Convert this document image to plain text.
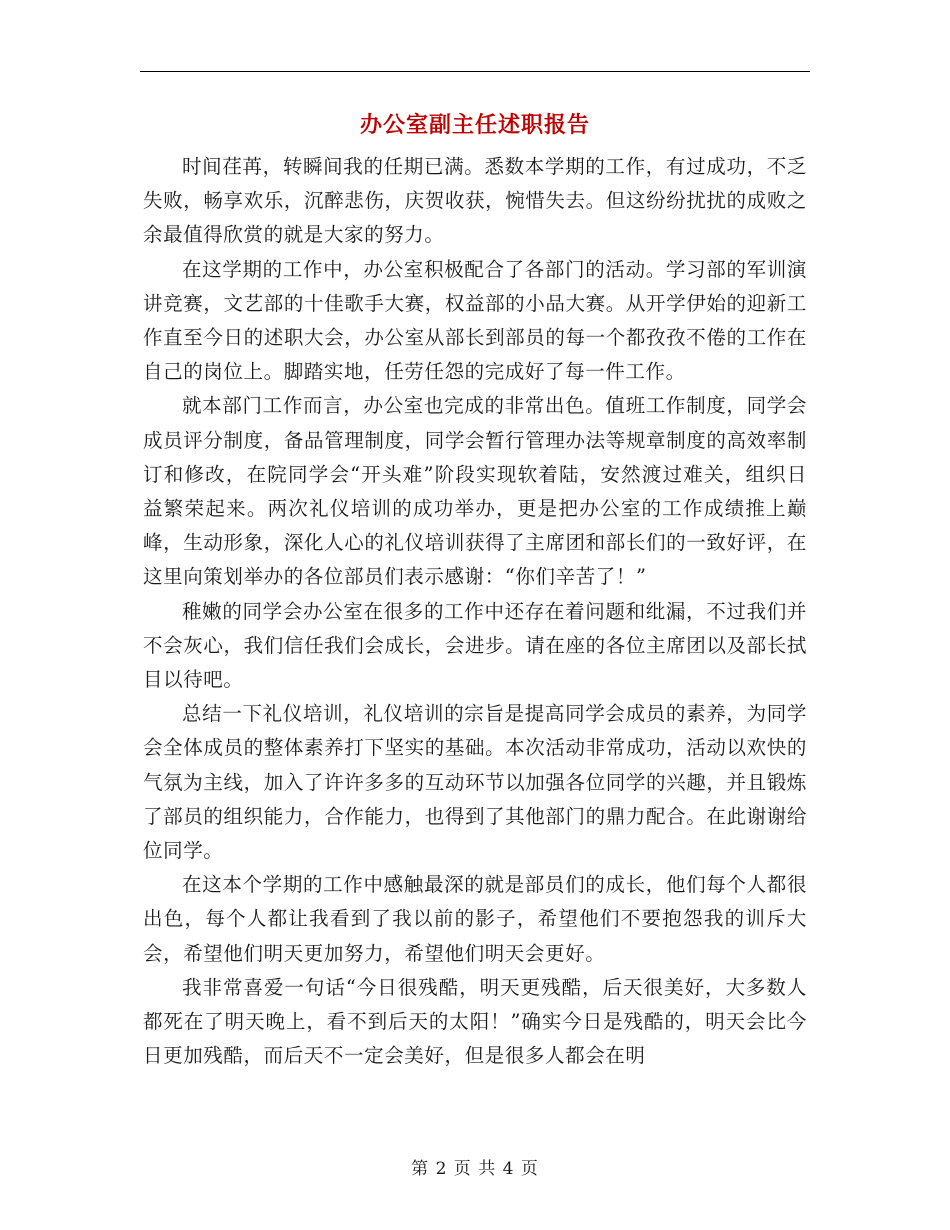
办公室副主任述职报告

时间荏苒，转瞬间我的任期已满。悉数本学期的工作，有过成功，不乏失败，畅享欢乐，沉醉悲伤，庆贺收获，惋惜失去。但这纷纷扰扰的成败之余最值得欣赏的就是大家的努力。

在这学期的工作中，办公室积极配合了各部门的活动。学习部的军训演讲竞赛，文艺部的十佳歌手大赛，权益部的小品大赛。从开学伊始的迎新工作直至今日的述职大会，办公室从部长到部员的每一个都孜孜不倦的工作在自己的岗位上。脚踏实地，任劳任怨的完成好了每一件工作。

就本部门工作而言，办公室也完成的非常出色。值班工作制度，同学会成员评分制度，备品管理制度，同学会暂行管理办法等规章制度的高效率制订和修改，在院同学会“开头难”阶段实现软着陆，安然渡过难关，组织日益繁荣起来。两次礼仪培训的成功举办，更是把办公室的工作成绩推上巅峰，生动形象，深化人心的礼仪培训获得了主席团和部长们的一致好评，在这里向策划举办的各位部员们表示感谢：“你们辛苦了！”

稚嫩的同学会办公室在很多的工作中还存在着问题和纰漏，不过我们并不会灰心，我们信任我们会成长，会进步。请在座的各位主席团以及部长拭目以待吧。

总结一下礼仪培训，礼仪培训的宗旨是提高同学会成员的素养，为同学会全体成员的整体素养打下坚实的基础。本次活动非常成功，活动以欢快的气氛为主线，加入了许许多多的互动环节以加强各位同学的兴趣，并且锻炼了部员的组织能力，合作能力，也得到了其他部门的鼎力配合。在此谢谢给位同学。

在这本个学期的工作中感触最深的就是部员们的成长，他们每个人都很出色，每个人都让我看到了我以前的影子，希望他们不要抱怨我的训斥大会，希望他们明天更加努力，希望他们明天会更好。

我非常喜爱一句话“今日很残酷，明天更残酷，后天很美好，大多数人都死在了明天晚上，看不到后天的太阳！”确实今日是残酷的，明天会比今日更加残酷，而后天不一定会美好，但是很多人都会在明

第 2 页 共 4 页
